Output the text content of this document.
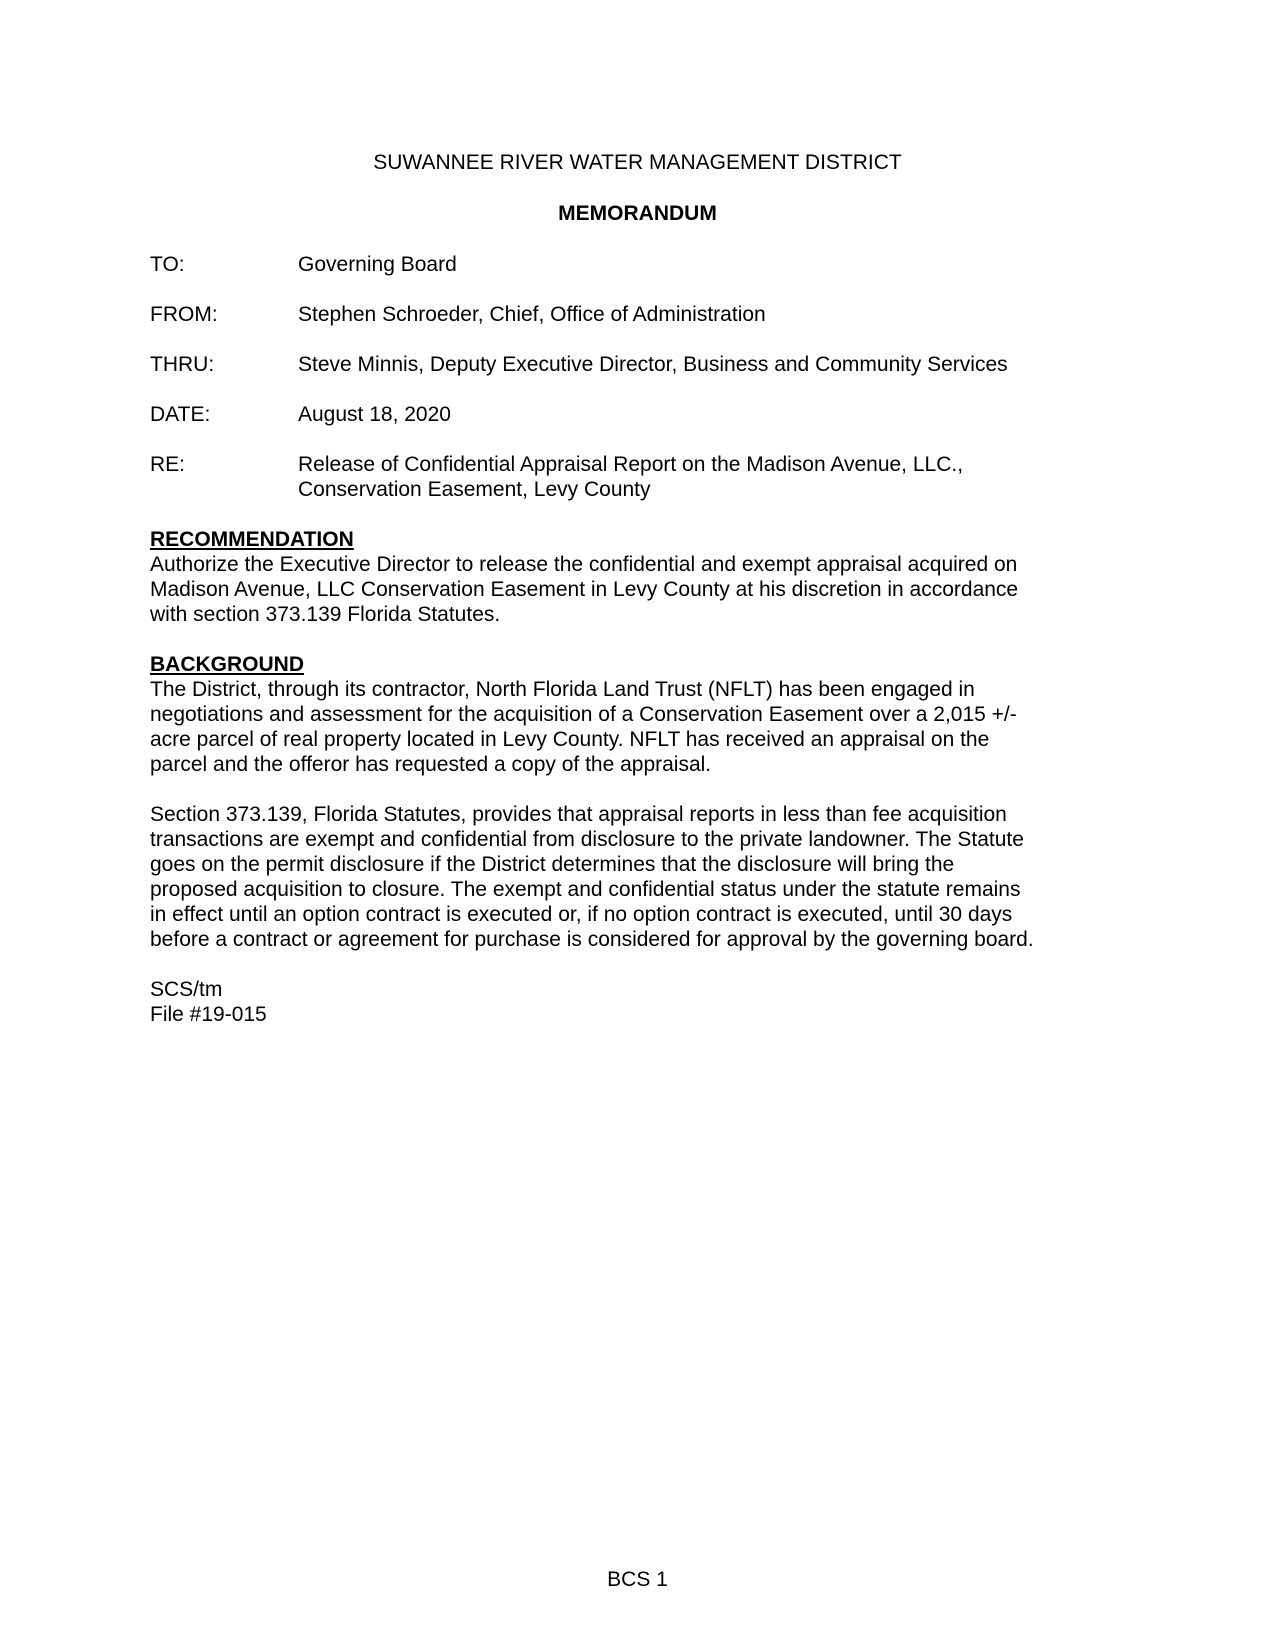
SUWANNEE RIVER WATER MANAGEMENT DISTRICT
MEMORANDUM
TO:	Governing Board
FROM:	Stephen Schroeder, Chief, Office of Administration
THRU:	Steve Minnis, Deputy Executive Director, Business and Community Services
DATE:	August 18, 2020
RE:	Release of Confidential Appraisal Report on the Madison Avenue, LLC.,
Conservation Easement, Levy County
RECOMMENDATION
Authorize the Executive Director to release the confidential and exempt appraisal acquired on
Madison Avenue, LLC Conservation Easement in Levy County at his discretion in accordance
with section 373.139 Florida Statutes.
BACKGROUND
The District, through its contractor, North Florida Land Trust (NFLT) has been engaged in
negotiations and assessment for the acquisition of a Conservation Easement over a 2,015 +/-
acre parcel of real property located in Levy County. NFLT has received an appraisal on the
parcel and the offeror has requested a copy of the appraisal.
Section 373.139, Florida Statutes, provides that appraisal reports in less than fee acquisition
transactions are exempt and confidential from disclosure to the private landowner. The Statute
goes on the permit disclosure if the District determines that the disclosure will bring the
proposed acquisition to closure. The exempt and confidential status under the statute remains
in effect until an option contract is executed or, if no option contract is executed, until 30 days
before a contract or agreement for purchase is considered for approval by the governing board.
SCS/tm
File #19-015
BCS 1
